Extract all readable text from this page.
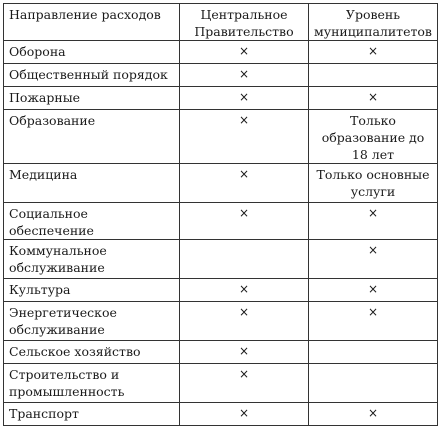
Направление расходов	Центральное Правительство	Уровень муниципалитетов
Оборона	×	×
Общественный порядок	×	
Пожарные	×	×
Образование	×	Только образование до 18 лет
Медицина	×	Только основные услуги
Социальное обеспечение	×	×
Коммунальное обслуживание		×
Культура	×	×
Энергетическое обслуживание	×	×
Сельское хозяйство	×	
Строительство и промышленность	×	
Транспорт	×	×
